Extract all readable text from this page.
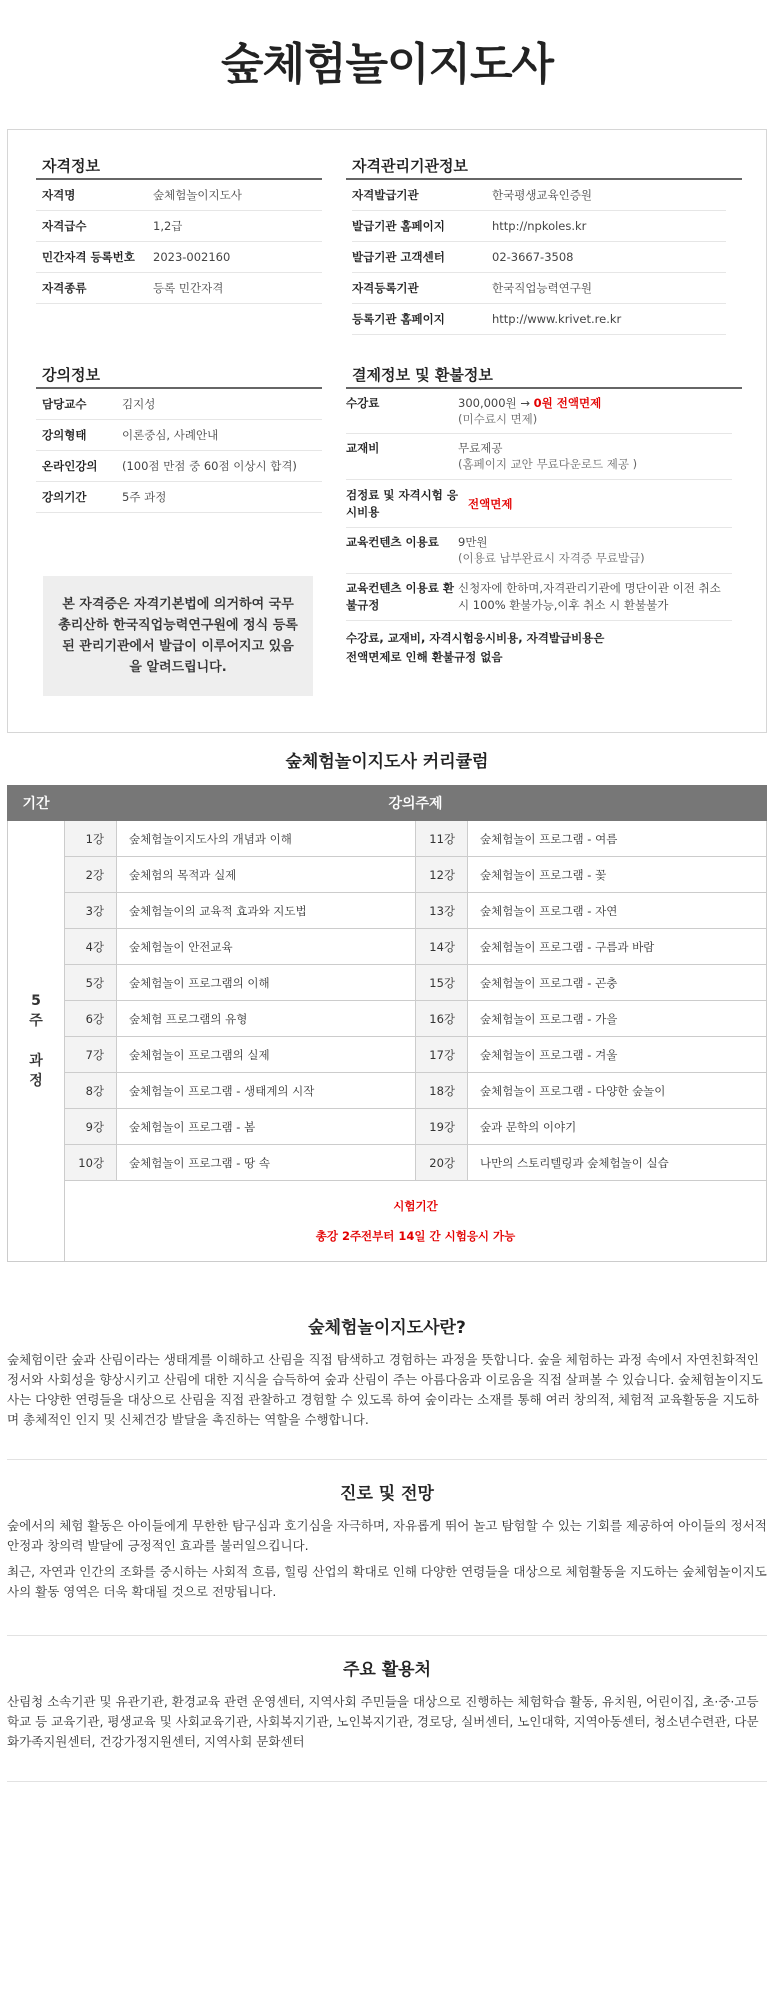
숲체험놀이지도사
자격정보
자격명	숲체험놀이지도사
자격급수	1,2급
민간자격 등록번호	2023-002160
자격종류	등록 민간자격
자격관리기관정보
자격발급기관	한국평생교육인증원
발급기관 홈페이지	http://npkoles.kr
발급기관 고객센터	02-3667-3508
자격등록기관	한국직업능력연구원
등록기관 홈페이지	http://www.krivet.re.kr
강의정보
담당교수	김지성
강의형태	이론중심, 사례안내
온라인강의	(100점 만점 중 60점 이상시 합격)
강의기간	5주 과정
본 자격증은 자격기본법에 의거하여 국무총리산하 한국직업능력연구원에 정식 등록된 관리기관에서 발급이 이루어지고 있음을 알려드립니다.
결제정보 및 환불정보
수강료	300,000원 → 0원 전액면제
(미수료시 면제)
교재비	무료제공
(홈페이지 교안 무료다운로드 제공 )
검정료 및 자격시험 응시비용
전액면제
교육컨텐츠 이용료	9만원
(이용료 납부완료시 자격증 무료발급)
교육컨텐츠 이용료 환불규정
신청자에 한하며,자격관리기관에 명단이관 이전 취소 시 100% 환불가능,이후 취소 시 환불불가
수강료, 교재비, 자격시험응시비용, 자격발급비용은 전액면제로 인해 환불규정 없음
숲체험놀이지도사 커리큘럼
기간	강의주제			
5
주

과
정	1강	숲체험놀이지도사의 개념과 이해	11강	숲체험놀이 프로그램 - 여름
	2강	숲체험의 목적과 실제	12강	숲체험놀이 프로그램 - 꽃
	3강	숲체험놀이의 교육적 효과와 지도법	13강	숲체험놀이 프로그램 - 자연
	4강	숲체험놀이 안전교육	14강	숲체험놀이 프로그램 - 구름과 바람
	5강	숲체험놀이 프로그램의 이해	15강	숲체험놀이 프로그램 - 곤충
	6강	숲체험 프로그램의 유형	16강	숲체험놀이 프로그램 - 가을
	7강	숲체험놀이 프로그램의 실제	17강	숲체험놀이 프로그램 - 겨울
	8강	숲체험놀이 프로그램 - 생태계의 시작	18강	숲체험놀이 프로그램 - 다양한 숲놀이
	9강	숲체험놀이 프로그램 - 봄	19강	숲과 문학의 이야기
	10강	숲체험놀이 프로그램 - 땅 속	20강	나만의 스토리텔링과 숲체험놀이 실습

	시험기간
총강 2주전부터 14일 간 시험응시 가능			
숲체험놀이지도사란?

숲체험이란 숲과 산림이라는 생태계를 이해하고 산림을 직접 탐색하고 경험하는 과정을 뜻합니다. 숲을 체험하는 과정 속에서 자연친화적인 정서와 사회성을 향상시키고 산림에 대한 지식을 습득하여 숲과 산림이 주는 아름다움과 이로움을 직접 살펴볼 수 있습니다. 숲체험놀이지도사는 다양한 연령들을 대상으로 산림을 직접 관찰하고 경험할 수 있도록 하여 숲이라는 소재를 통해 여러 창의적, 체험적 교육활동을 지도하며 총체적인 인지 및 신체건강 발달을 촉진하는 역할을 수행합니다.

진로 및 전망

숲에서의 체험 활동은 아이들에게 무한한 탐구심과 호기심을 자극하며, 자유롭게 뛰어 놀고 탐험할 수 있는 기회를 제공하여 아이들의 정서적 안정과 창의력 발달에 긍정적인 효과를 불러일으킵니다.

최근, 자연과 인간의 조화를 중시하는 사회적 흐름, 힐링 산업의 확대로 인해 다양한 연령들을 대상으로 체험활동을 지도하는 숲체험놀이지도사의 활동 영역은 더욱 확대될 것으로 전망됩니다.

주요 활용처

산림청 소속기관 및 유관기관, 환경교육 관련 운영센터, 지역사회 주민들을 대상으로 진행하는 체험학습 활동, 유치원, 어린이집, 초·중·고등학교 등 교육기관, 평생교육 및 사회교육기관, 사회복지기관, 노인복지기관, 경로당, 실버센터, 노인대학, 지역아동센터, 청소년수련관, 다문화가족지원센터, 건강가정지원센터, 지역사회 문화센터
